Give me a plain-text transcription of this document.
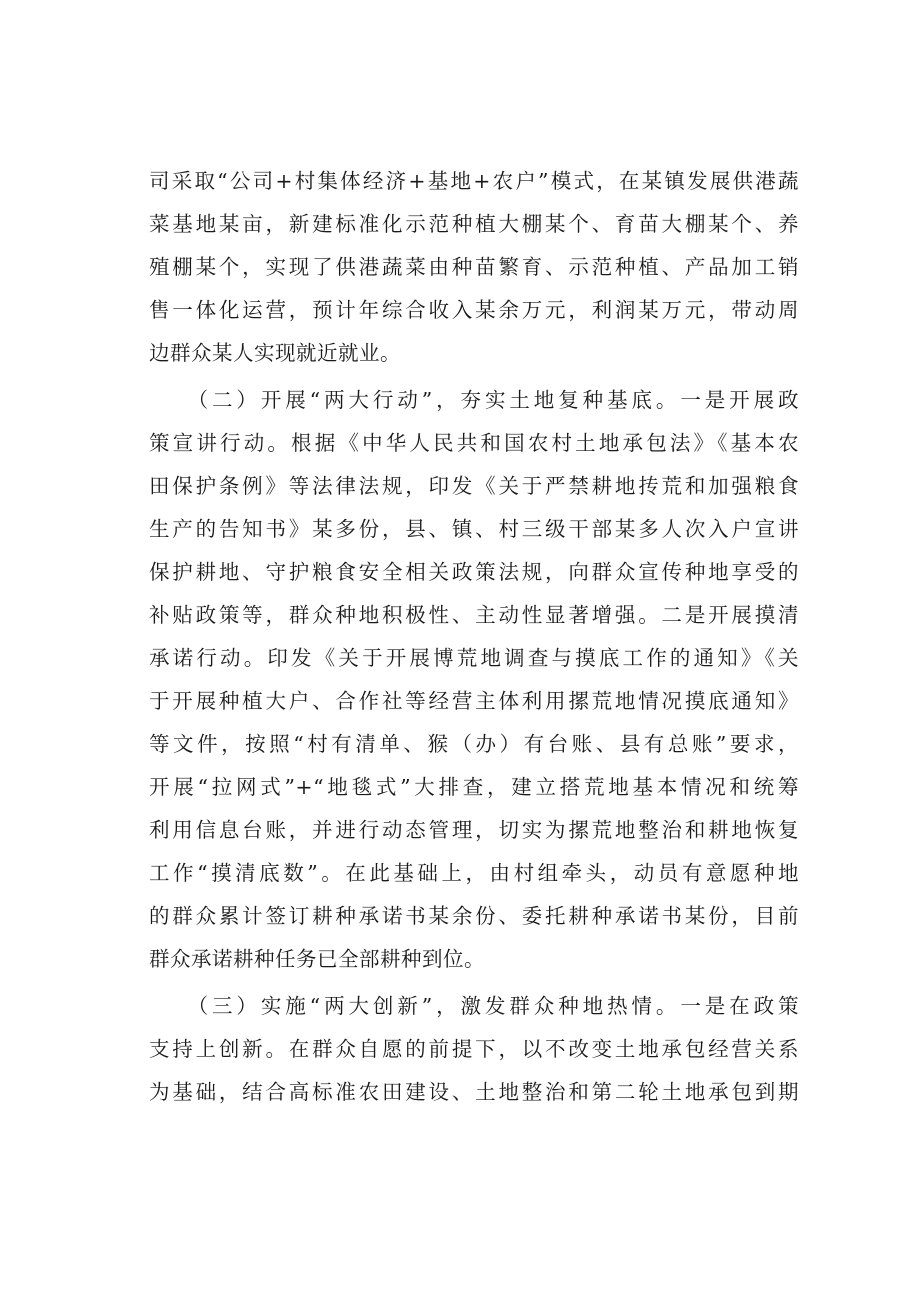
司采取“公司+村集体经济+基地+农户”模式，在某镇发展供港蔬
菜基地某亩，新建标准化示范种植大棚某个、育苗大棚某个、养
殖棚某个，实现了供港蔬菜由种苗繁育、示范种植、产品加工销
售一体化运营，预计年综合收入某余万元，利润某万元，带动周
边群众某人实现就近就业。
　　（二）开展“两大行动”，夯实土地复种基底。一是开展政
策宣讲行动。根据《中华人民共和国农村土地承包法》《基本农
田保护条例》等法律法规，印发《关于严禁耕地抟荒和加强粮食
生产的告知书》某多份，县、镇、村三级干部某多人次入户宣讲
保护耕地、守护粮食安全相关政策法规，向群众宣传种地享受的
补贴政策等，群众种地积极性、主动性显著增强。二是开展摸清
承诺行动。印发《关于开展博荒地调查与摸底工作的通知》《关
于开展种植大户、合作社等经营主体利用摞荒地情况摸底通知》
等文件，按照“村有清单、猴（办）有台账、县有总账”要求，
开展“拉网式”+“地毯式”大排查，建立搭荒地基本情况和统筹
利用信息台账，并进行动态管理，切实为摞荒地整治和耕地恢复
工作“摸清底数”。在此基础上，由村组牵头，动员有意愿种地
的群众累计签订耕种承诺书某余份、委托耕种承诺书某份，目前
群众承诺耕种任务已全部耕种到位。
　　（三）实施“两大创新”，激发群众种地热情。一是在政策
支持上创新。在群众自愿的前提下，以不改变土地承包经营关系
为基础，结合高标准农田建设、土地整治和第二轮土地承包到期
